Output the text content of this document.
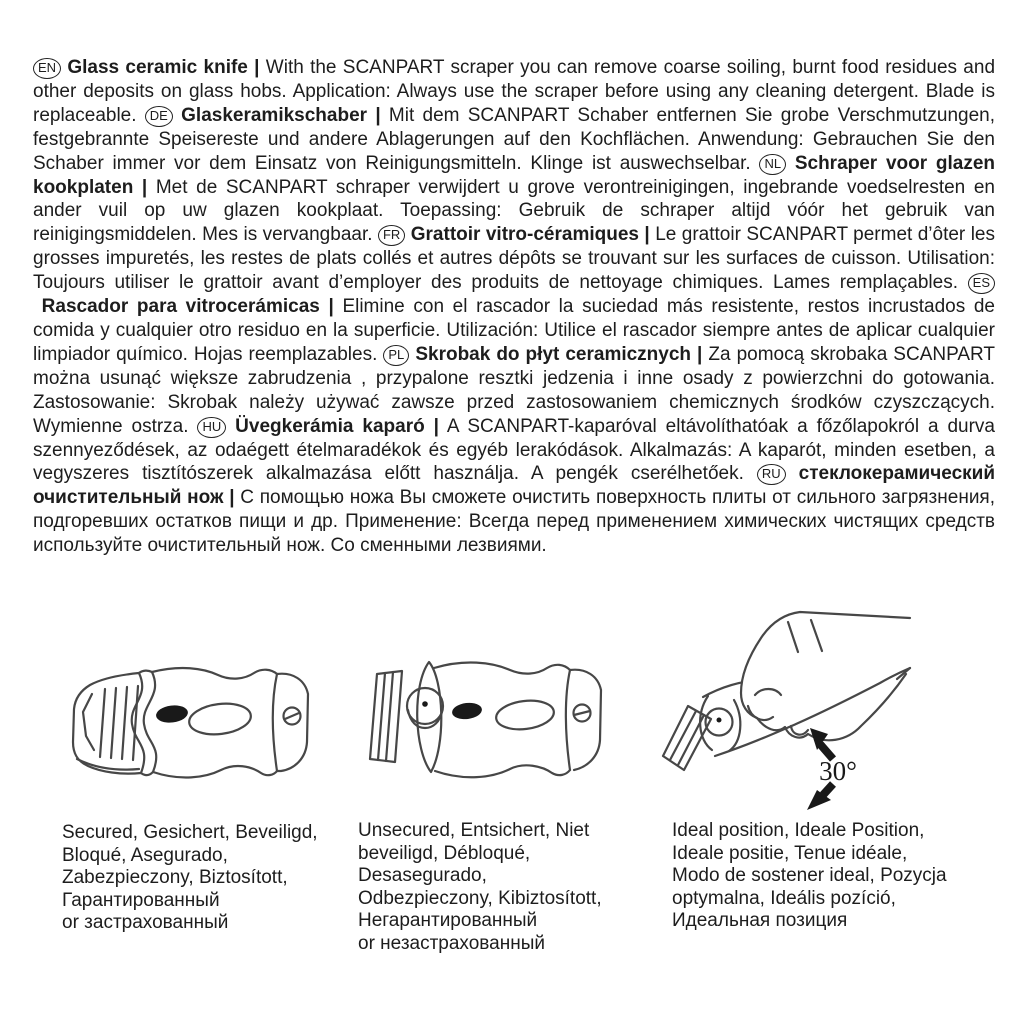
EN Glass ceramic knife | With the SCANPART scraper you can remove coarse soiling, burnt food residues and other deposits on glass hobs. Application: Always use the scraper before using any cleaning detergent. Blade is replaceable. DE Glaskeramikschaber | Mit dem SCANPART Schaber entfernen Sie grobe Verschmutzungen, festgebrannte Speisereste und andere Ablagerungen auf den Kochflächen. Anwendung: Gebrauchen Sie den Schaber immer vor dem Einsatz von Reinigungsmitteln. Klinge ist auswechselbar. NL Schraper voor glazen kookplaten | Met de SCANPART schraper verwijdert u grove verontreinigingen, ingebrande voedselresten en ander vuil op uw glazen kookplaat. Toepassing: Gebruik de schraper altijd vóór het gebruik van reinigingsmiddelen. Mes is vervangbaar. FR Grattoir vitro-céramiques | Le grattoir SCANPART permet d’ôter les grosses impuretés, les restes de plats collés et autres dépôts se trouvant sur les surfaces de cuisson. Utilisation: Toujours utiliser le grattoir avant d’employer des produits de nettoyage chimiques. Lames remplaçables. ES Rascador para vitrocerámicas | Elimine con el rascador la suciedad más resistente, restos incrustados de comida y cualquier otro residuo en la superficie. Utilización: Utilice el rascador siempre antes de aplicar cualquier limpiador químico. Hojas reemplazables. PL Skrobak do płyt ceramicznych | Za pomocą skrobaka SCANPART można usunąć większe zabrudzenia , przypalone resztki jedzenia i inne osady z powierzchni do gotowania. Zastosowanie: Skrobak należy używać zawsze przed zastosowaniem chemicznych środków czyszczących. Wymienne ostrza. HU Üvegkerámia kaparó | A SCANPART-kaparóval eltávolíthatóak a főzőlapokról a durva szennyeződések, az odaégett ételmaradékok és egyéb lerakódások. Alkalmazás: A kaparót, minden esetben, a vegyszeres tisztítószerek alkalmazása előtt használja. A pengék cserélhetőek. RU стеклокерамический очистительный нож | С помощью ножа Вы сможете очистить поверхность плиты от сильного загрязнения, подгоревших остатков пищи и др. Применение: Всегда перед применением химических чистящих средств используйте очистительный нож. Со сменными лезвиями.

Secured, Gesichert, Beveiligd,
Bloqué, Asegurado,
Zabezpieczony, Biztosított,
Гарантированный
or застрахованный
Unsecured, Entsichert, Niet
beveiligd, Débloqué,
Desasegurado,
Odbezpieczony, Kibiztosított,
Негарантированный
or незастрахованный
30°
Ideal position, Ideale Position,
Ideale positie, Tenue idéale,
Modo de sostener ideal, Pozycja
optymalna, Ideális pozíció,
Идеальная позиция
